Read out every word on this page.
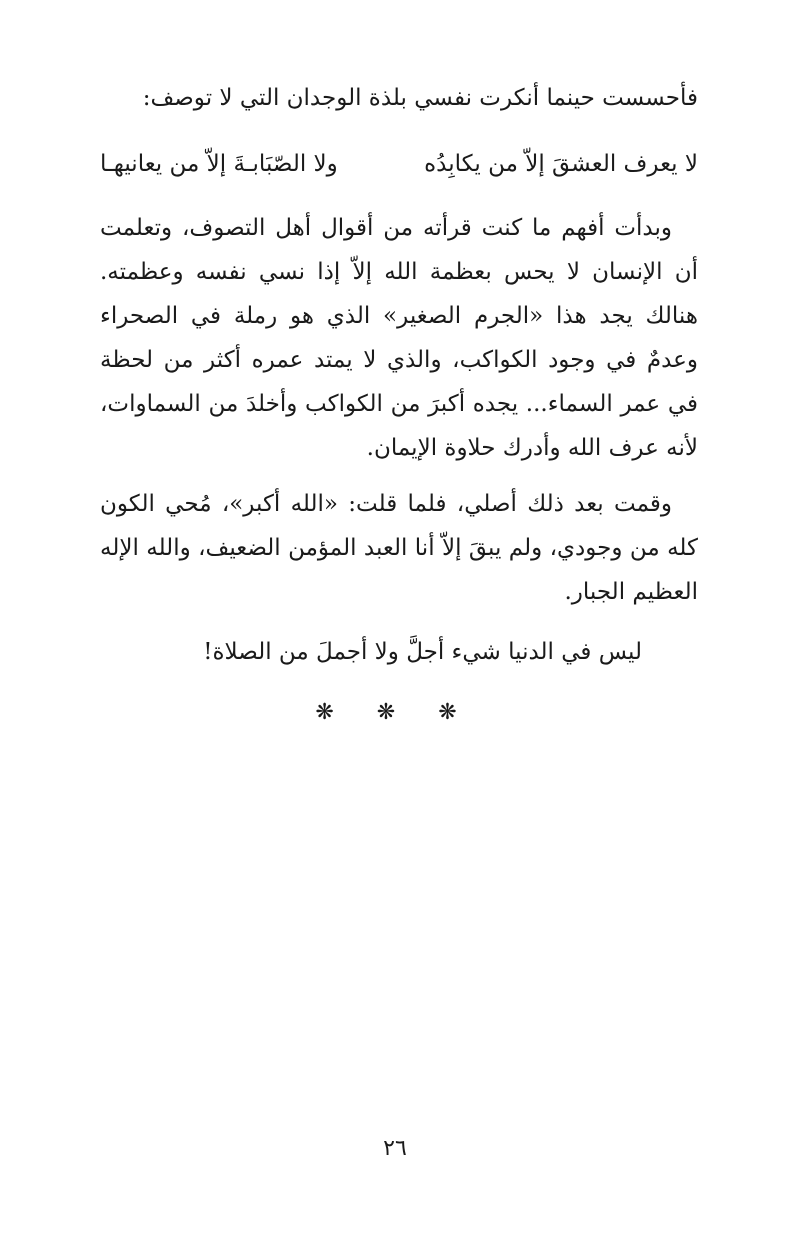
فأحسست حينما أنكرت نفسي بلذة الوجدان التي لا توصف:

لا يعرف العشقَ إلاّ من يكابِدُه
ولا الصّبَابـةَ إلاّ من يعانيهـا

وبدأت أفهم ما كنت قرأته من أقوال أهل التصوف، وتعلمت أن الإنسان لا يحس بعظمة الله إلاّ إذا نسي نفسه وعظمته. هنالك يجد هذا «الجرم الصغير» الذي هو رملة في الصحراء وعدمٌ في وجود الكواكب، والذي لا يمتد عمره أكثر من لحظة في عمر السماء... يجده أكبرَ من الكواكب وأخلدَ من السماوات، لأنه عرف الله وأدرك حلاوة الإيمان.

وقمت بعد ذلك أصلي، فلما قلت: «الله أكبر»، مُحي الكون كله من وجودي، ولم يبقَ إلاّ أنا العبد المؤمن الضعيف، والله الإله العظيم الجبار.

ليس في الدنيا شيء أجلَّ ولا أجملَ من الصلاة!
❋ ❋ ❋
٢٦
